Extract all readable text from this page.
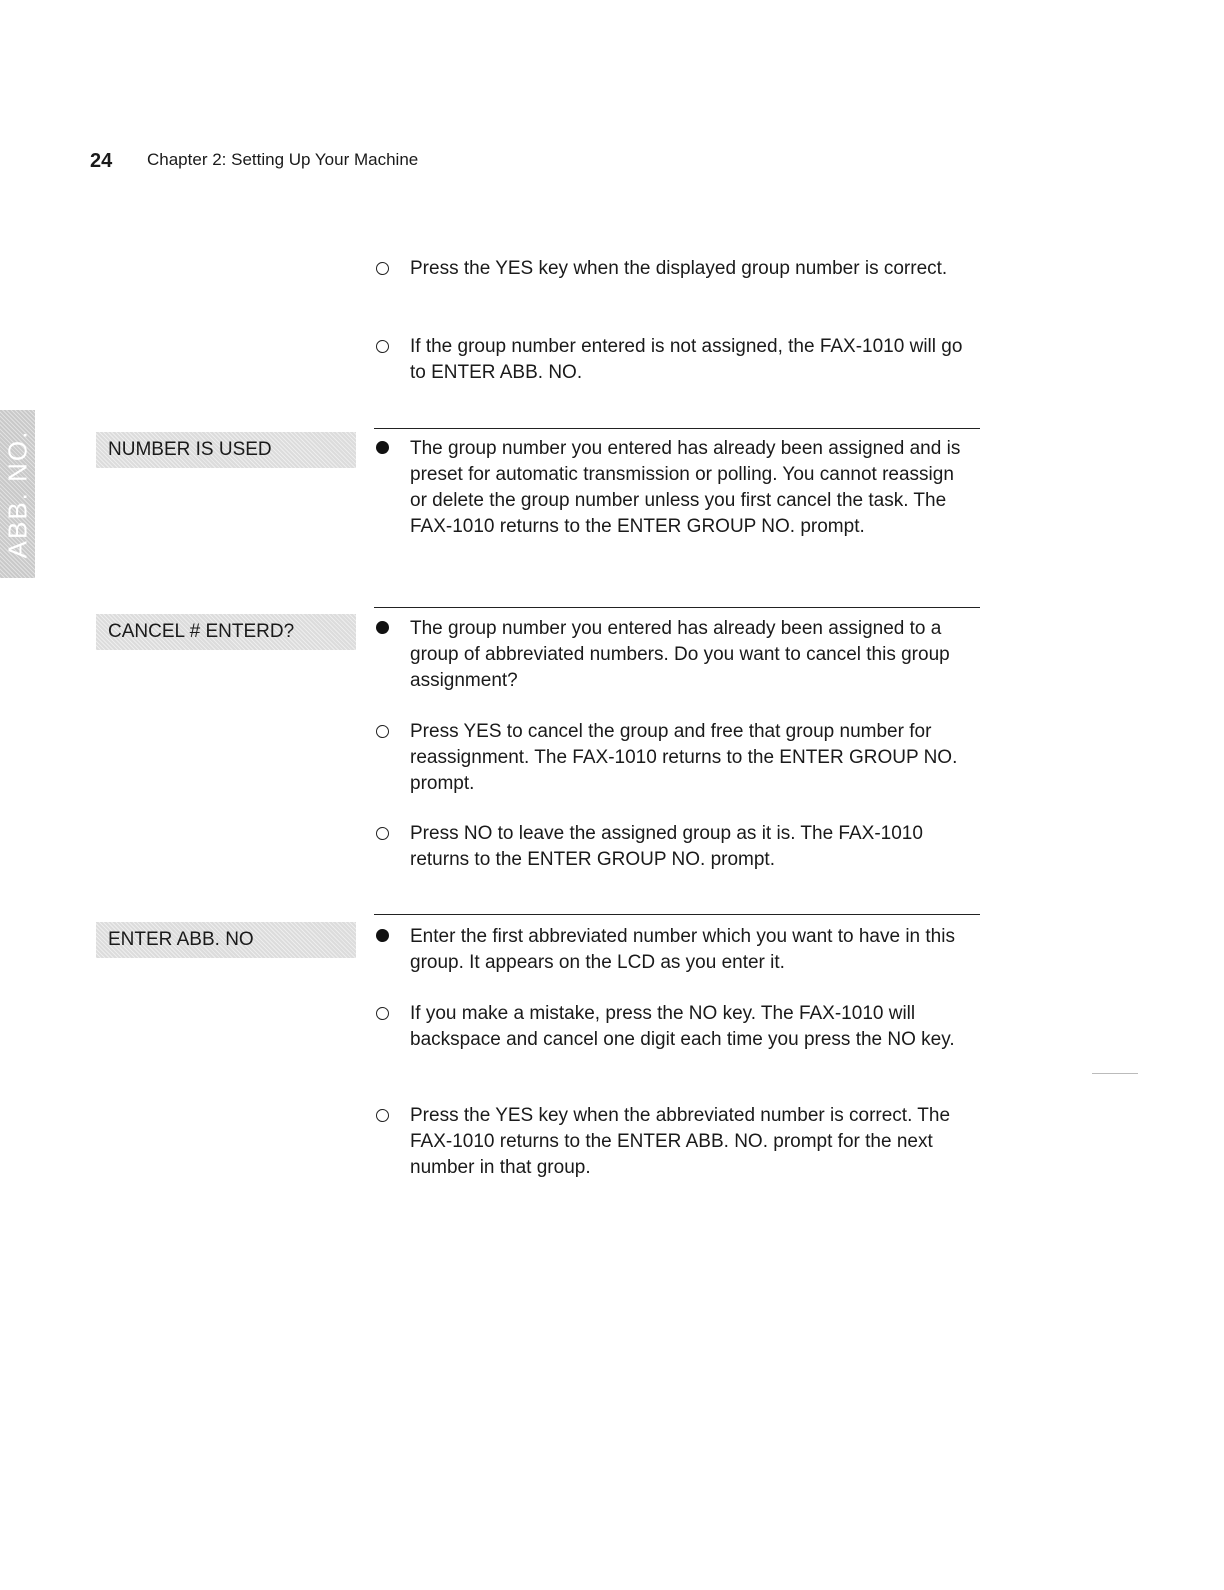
24 Chapter 2: Setting Up Your Machine
ABB. NO.
Press the YES key when the displayed group number is correct.
If the group number entered is not assigned, the FAX-1010 will go to ENTER ABB. NO.
NUMBER IS USED	The group number you entered has already been assigned and is preset for automatic transmission or polling. You cannot reassign or delete the group number unless you first cancel the task. The FAX-1010 returns to the ENTER GROUP NO. prompt.
CANCEL # ENTERD?	The group number you entered has already been assigned to a group of abbreviated numbers. Do you want to cancel this group assignment?
Press YES to cancel the group and free that group number for reassignment. The FAX-1010 returns to the ENTER GROUP NO. prompt.
Press NO to leave the assigned group as it is. The FAX-1010 returns to the ENTER GROUP NO. prompt.
ENTER ABB. NO	Enter the first abbreviated number which you want to have in this group. It appears on the LCD as you enter it.
If you make a mistake, press the NO key. The FAX-1010 will backspace and cancel one digit each time you press the NO key.
Press the YES key when the abbreviated number is correct. The FAX-1010 returns to the ENTER ABB. NO. prompt for the next number in that group.
